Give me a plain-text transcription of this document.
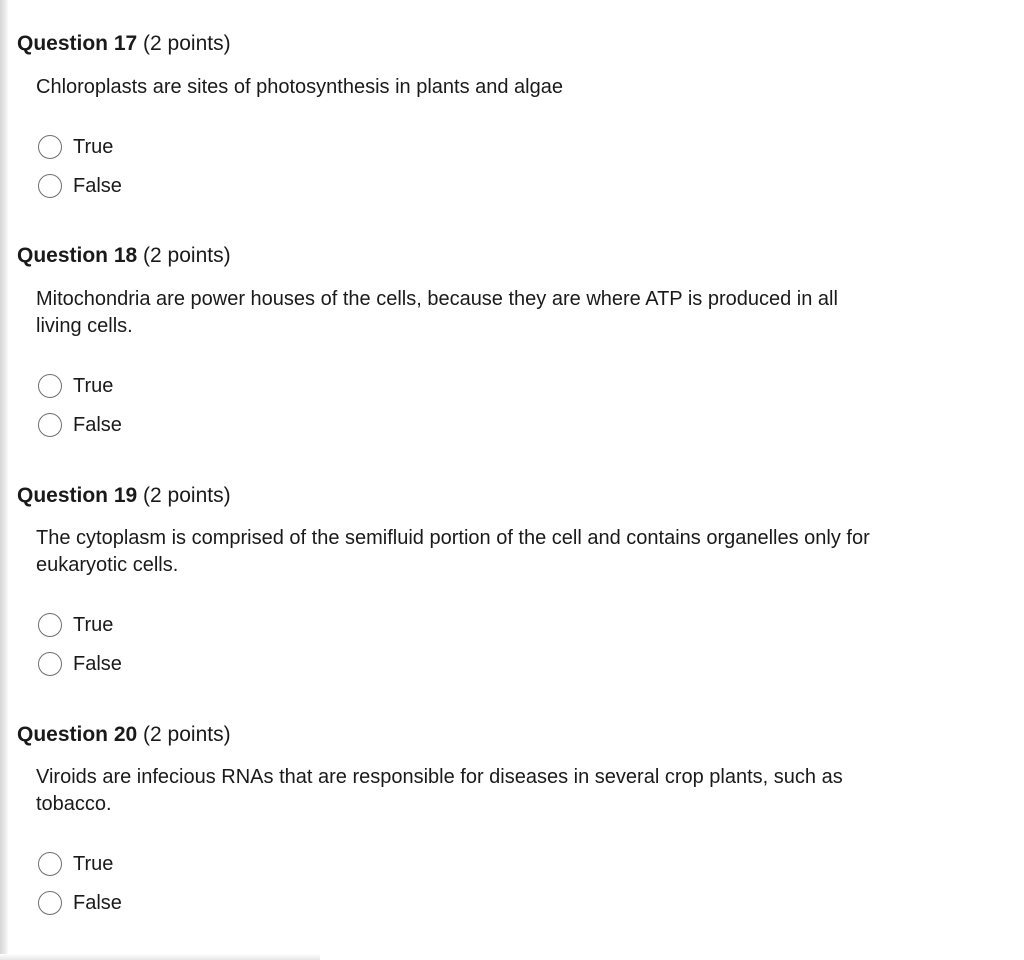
Question 17 (2 points)
Chloroplasts are sites of photosynthesis in plants and algae
True
False
Question 18 (2 points)
Mitochondria are power houses of the cells, because they are where ATP is produced in all living cells.
True
False
Question 19 (2 points)
The cytoplasm is comprised of the semifluid portion of the cell and contains organelles only for eukaryotic cells.
True
False
Question 20 (2 points)
Viroids are infecious RNAs that are responsible for diseases in several crop plants, such as tobacco.
True
False
